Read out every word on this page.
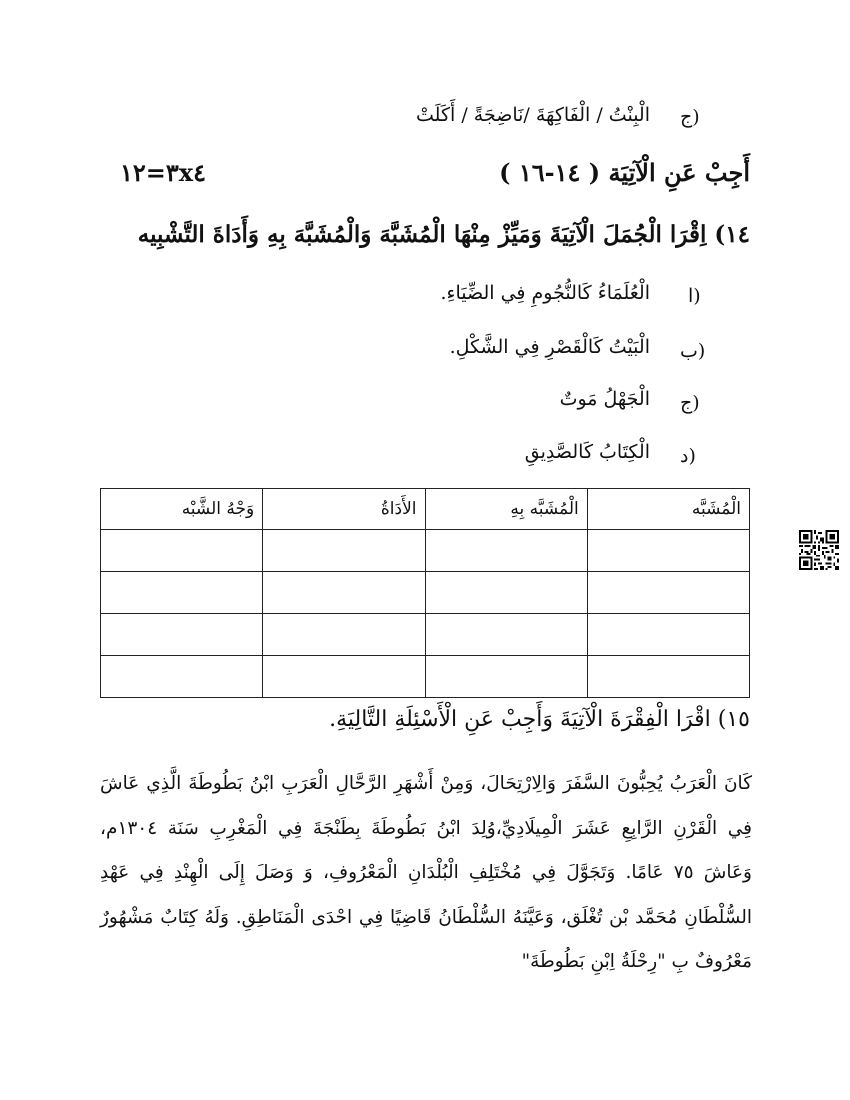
ج)
الْبِنْتُ / الْفَاكِهَةَ /نَاضِجَةً / أَكَلَتْ
أَجِبْ عَنِ الْآتِيَة ( ١٤-١٦ )
٣x٤=١٢
١٤) اِقْرَا الْجُمَلَ الْآتِيَةَ وَمَيِّزْ مِنْهَا الْمُشَبَّهَ وَالْمُشَبَّهَ بِهِ وَأَدَاةَ التَّشْبِيه
ا)
الْعُلَمَاءُ كَالنُّجُومِ فِي الضِّيَاءِ.
ب)
الْبَيْتُ كَالْقَصْرِ فِي الشَّكْلِ.
ج)
الْجَهْلُ مَوتٌ
د)
الْكِتَابُ كَالصَّدِيقِ
الْمُشَبَّه	الْمُشَبَّه بِهِ	الأَدَاةُ	وَجْهُ الشَّبْه

١٥) اقْرَا الْفِقْرَةَ الْآتِيَةَ وَأَجِبْ عَنِ الْأَسْئِلَةِ التَّالِيَةِ.
كَانَ الْعَرَبُ يُحِبُّونَ السَّفَرَ وَالِارْتِحَالَ، وَمِنْ أَشْهَرِ الرَّحَّالِ الْعَرَبِ ابْنُ بَطُوطَةَ الَّذِي عَاشَ فِي الْقَرْنِ الرَّابِعِ عَشَرَ الْمِيلَادِيِّ،وُلِدَ ابْنُ بَطُوطَةَ بِطَنْجَةَ فِي الْمَغْرِبِ سَنَة ١٣٠٤م، وَعَاشَ ٧٥ عَامًا. وَتَجَوَّلَ فِي مُخْتَلِفِ الْبُلْدَانِ الْمَعْرُوفِ، وَ وَصَلَ إِلَى الْهِنْدِ فِي عَهْدِ السُّلْطَانِ مُحَمَّد بْن تُغْلَق، وَعَيَّنَهُ السُّلْطَانُ قَاضِيًا فِي احْدَى الْمَنَاطِقِ. وَلَهُ كِتَابٌ مَشْهُورٌ مَعْرُوفٌ بِ "رِحْلَةُ اِبْنِ بَطُوطَةَ"
